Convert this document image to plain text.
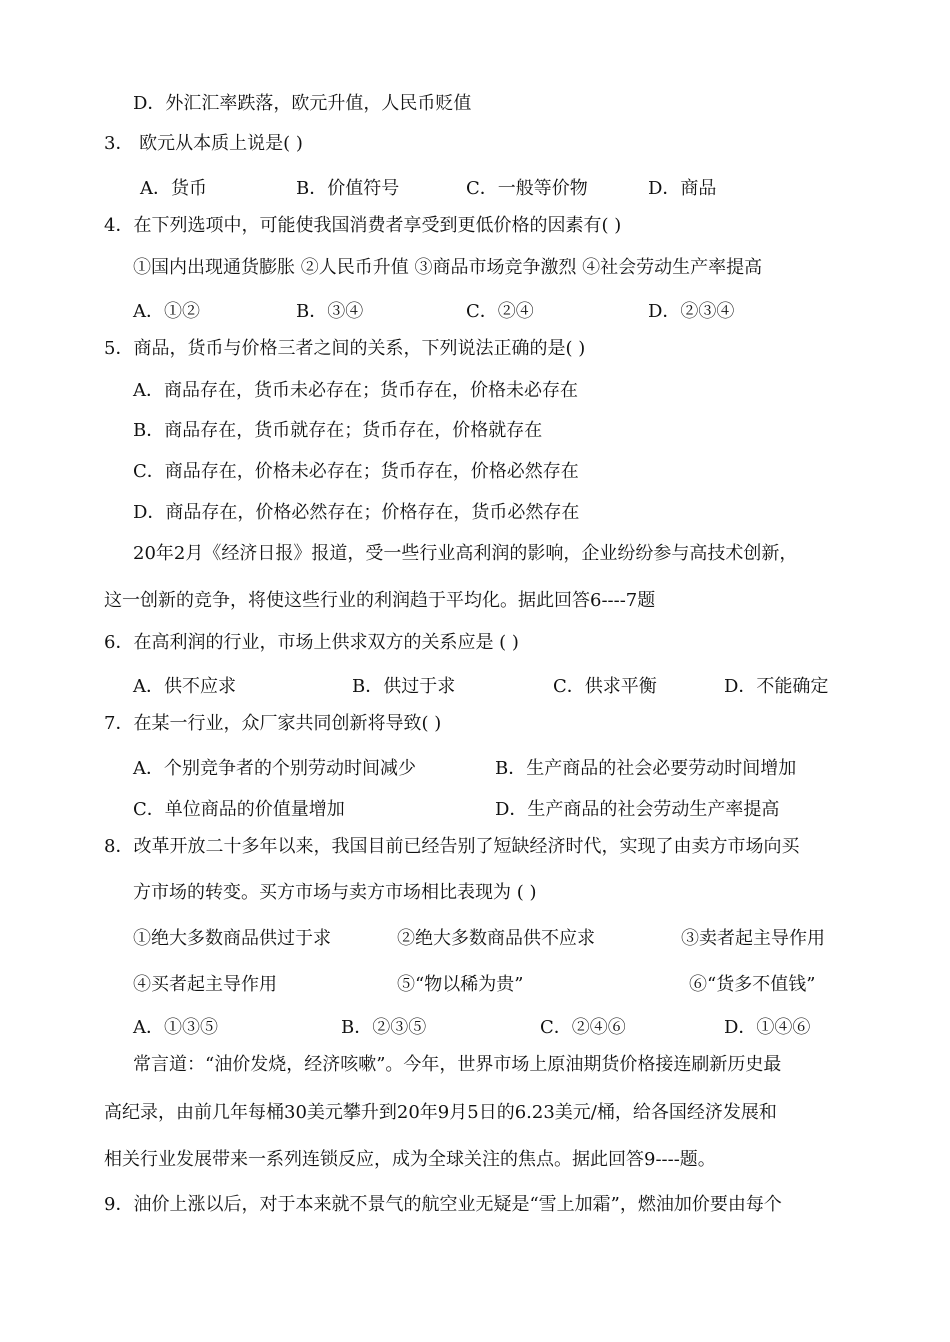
D．外汇汇率跌落，欧元升值，人民币贬值
3． 欧元从本质上说是( )
A．货币	B．价值符号	C．一般等价物	D．商品
4．在下列选项中，可能使我国消费者享受到更低价格的因素有( )
①国内出现通货膨胀 ②人民币升值 ③商品市场竞争激烈 ④社会劳动生产率提高
A．①②	B．③④	C．②④	D．②③④
5．商品，货币与价格三者之间的关系，下列说法正确的是( )
A．商品存在，货币未必存在；货币存在，价格未必存在
B．商品存在，货币就存在；货币存在，价格就存在
C．商品存在，价格未必存在；货币存在，价格必然存在
D．商品存在，价格必然存在；价格存在，货币必然存在
20年2月《经济日报》报道，受一些行业高利润的影响，企业纷纷参与高技术创新，
这一创新的竞争，将使这些行业的利润趋于平均化。据此回答6----7题
6．在高利润的行业，市场上供求双方的关系应是 ( )
A．供不应求	B．供过于求	C．供求平衡	D．不能确定
7．在某一行业，众厂家共同创新将导致( )
A．个别竞争者的个别劳动时间减少	B．生产商品的社会必要劳动时间增加
C．单位商品的价值量增加	D．生产商品的社会劳动生产率提高
8．改革开放二十多年以来，我国目前已经告别了短缺经济时代，实现了由卖方市场向买
方市场的转变。买方市场与卖方市场相比表现为 ( )
①绝大多数商品供过于求	②绝大多数商品供不应求	③卖者起主导作用
④买者起主导作用	⑤“物以稀为贵”	⑥“货多不值钱”
A．①③⑤	B．②③⑤	C．②④⑥	D．①④⑥
常言道：“油价发烧，经济咳嗽”。今年，世界市场上原油期货价格接连刷新历史最
高纪录，由前几年每桶30美元攀升到20年9月5日的6.23美元/桶，给各国经济发展和
相关行业发展带来一系列连锁反应，成为全球关注的焦点。据此回答9----题。
9．油价上涨以后，对于本来就不景气的航空业无疑是“雪上加霜”，燃油加价要由每个
